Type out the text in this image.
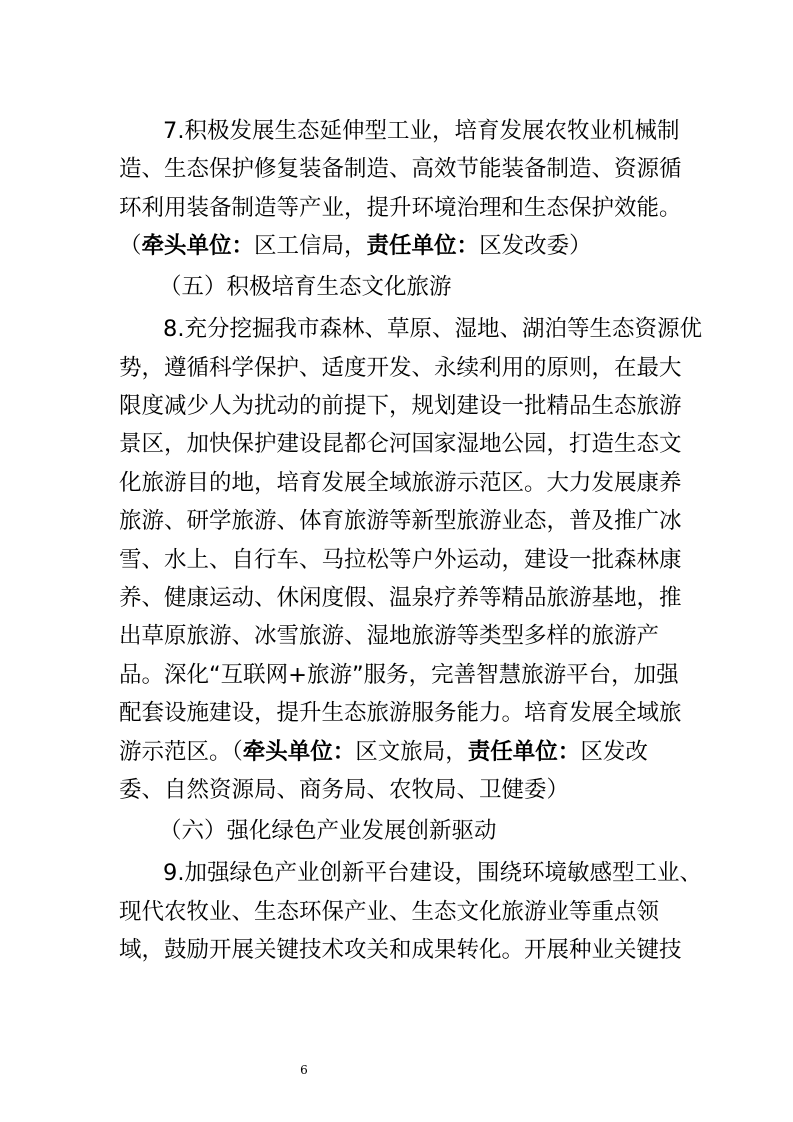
7.积极发展生态延伸型工业，培育发展农牧业机械制
造、生态保护修复装备制造、高效节能装备制造、资源循
环利用装备制造等产业，提升环境治理和生态保护效能。
（牵头单位：区工信局，责任单位：区发改委）
（五）积极培育生态文化旅游
8.充分挖掘我市森林、草原、湿地、湖泊等生态资源优
势，遵循科学保护、适度开发、永续利用的原则，在最大
限度减少人为扰动的前提下，规划建设一批精品生态旅游
景区，加快保护建设昆都仑河国家湿地公园，打造生态文
化旅游目的地，培育发展全域旅游示范区。大力发展康养
旅游、研学旅游、体育旅游等新型旅游业态，普及推广冰
雪、水上、自行车、马拉松等户外运动，建设一批森林康
养、健康运动、休闲度假、温泉疗养等精品旅游基地，推
出草原旅游、冰雪旅游、湿地旅游等类型多样的旅游产
品。深化“互联网+旅游”服务，完善智慧旅游平台，加强
配套设施建设，提升生态旅游服务能力。培育发展全域旅
游示范区。（牵头单位：区文旅局，责任单位：区发改
委、自然资源局、商务局、农牧局、卫健委）
（六）强化绿色产业发展创新驱动
9.加强绿色产业创新平台建设，围绕环境敏感型工业、
现代农牧业、生态环保产业、生态文化旅游业等重点领
域，鼓励开展关键技术攻关和成果转化。开展种业关键技
6
